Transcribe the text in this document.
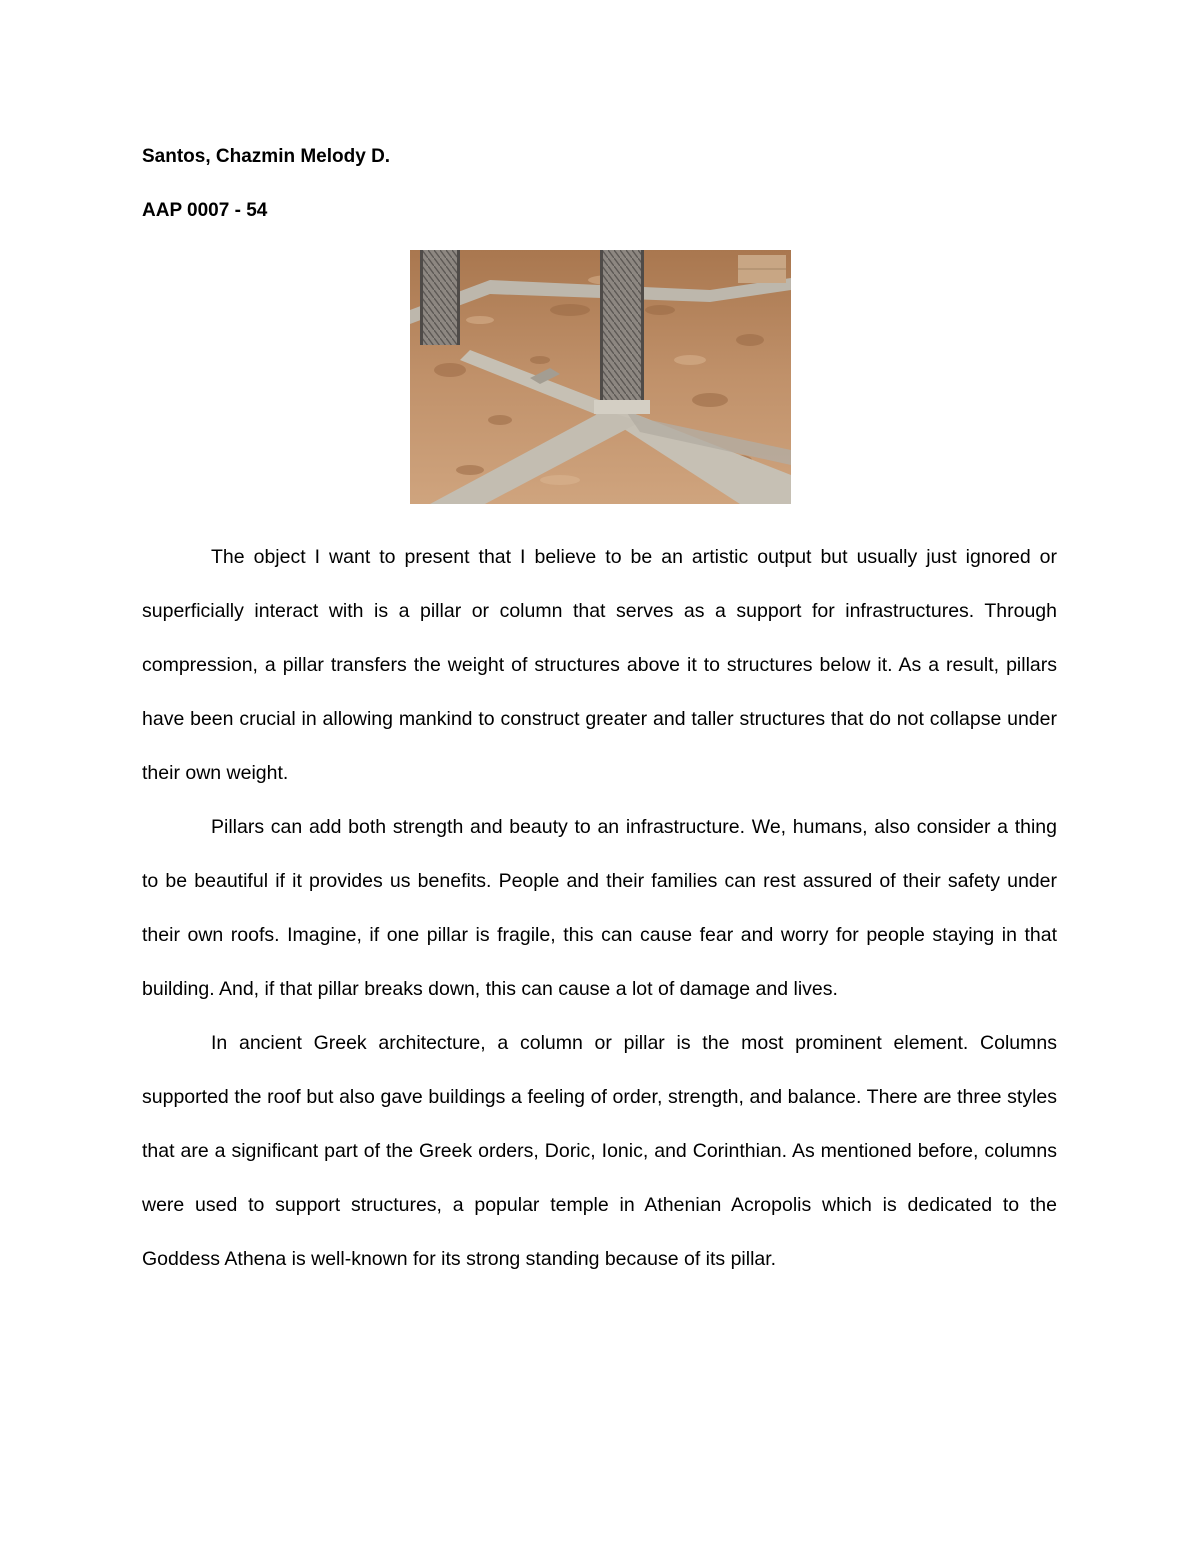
Santos, Chazmin Melody D.
AAP 0007 - 54

The object I want to present that I believe to be an artistic output but usually just ignored or superficially interact with is a pillar or column that serves as a support for infrastructures. Through compression, a pillar transfers the weight of structures above it to structures below it. As a result, pillars have been crucial in allowing mankind to construct greater and taller structures that do not collapse under their own weight.

Pillars can add both strength and beauty to an infrastructure. We, humans, also consider a thing to be beautiful if it provides us benefits. People and their families can rest assured of their safety under their own roofs. Imagine, if one pillar is fragile, this can cause fear and worry for people staying in that building. And, if that pillar breaks down, this can cause a lot of damage and lives.

In ancient Greek architecture, a column or pillar is the most prominent element. Columns supported the roof but also gave buildings a feeling of order, strength, and balance. There are three styles that are a significant part of the Greek orders, Doric, Ionic, and Corinthian. As mentioned before, columns were used to support structures, a popular temple in Athenian Acropolis which is dedicated to the Goddess Athena is well-known for its strong standing because of its pillar.
